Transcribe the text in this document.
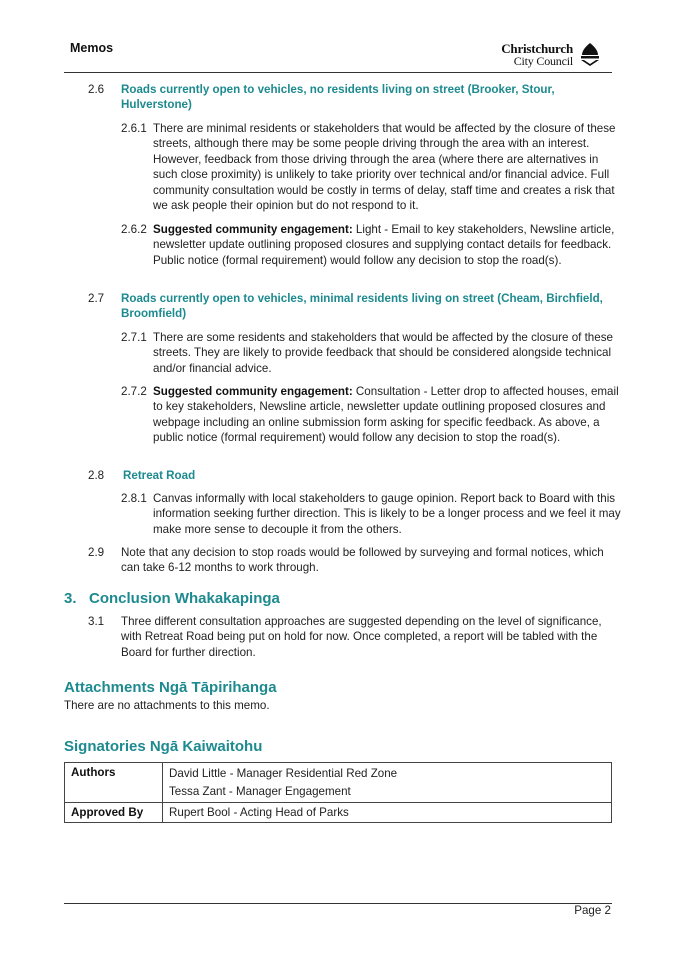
Memos	Christchurch
City Council
2.6 Roads currently open to vehicles, no residents living on street (Brooker, Stour, Hulverstone)
2.6.1 There are minimal residents or stakeholders that would be affected by the closure of these streets, although there may be some people driving through the area with an interest. However, feedback from those driving through the area (where there are alternatives in such close proximity) is unlikely to take priority over technical and/or financial advice. Full community consultation would be costly in terms of delay, staff time and creates a risk that we ask people their opinion but do not respond to it.
2.6.2 Suggested community engagement: Light - Email to key stakeholders, Newsline article, newsletter update outlining proposed closures and supplying contact details for feedback. Public notice (formal requirement) would follow any decision to stop the road(s).
2.7 Roads currently open to vehicles, minimal residents living on street (Cheam, Birchfield, Broomfield)
2.7.1 There are some residents and stakeholders that would be affected by the closure of these streets. They are likely to provide feedback that should be considered alongside technical and/or financial advice.
2.7.2 Suggested community engagement: Consultation - Letter drop to affected houses, email to key stakeholders, Newsline article, newsletter update outlining proposed closures and webpage including an online submission form asking for specific feedback. As above, a public notice (formal requirement) would follow any decision to stop the road(s).
2.8 Retreat Road
2.8.1 Canvas informally with local stakeholders to gauge opinion. Report back to Board with this information seeking further direction. This is likely to be a longer process and we feel it may make more sense to decouple it from the others.
2.9 Note that any decision to stop roads would be followed by surveying and formal notices, which can take 6-12 months to work through.
3. Conclusion Whakakapinga
3.1 Three different consultation approaches are suggested depending on the level of significance, with Retreat Road being put on hold for now. Once completed, a report will be tabled with the Board for further direction.
Attachments Ngā Tāpirihanga
There are no attachments to this memo.
Signatories Ngā Kaiwaitohu
Authors	David Little - Manager Residential Red Zone
Tessa Zant - Manager Engagement

Approved By	Rupert Bool - Acting Head of Parks
Page 2
